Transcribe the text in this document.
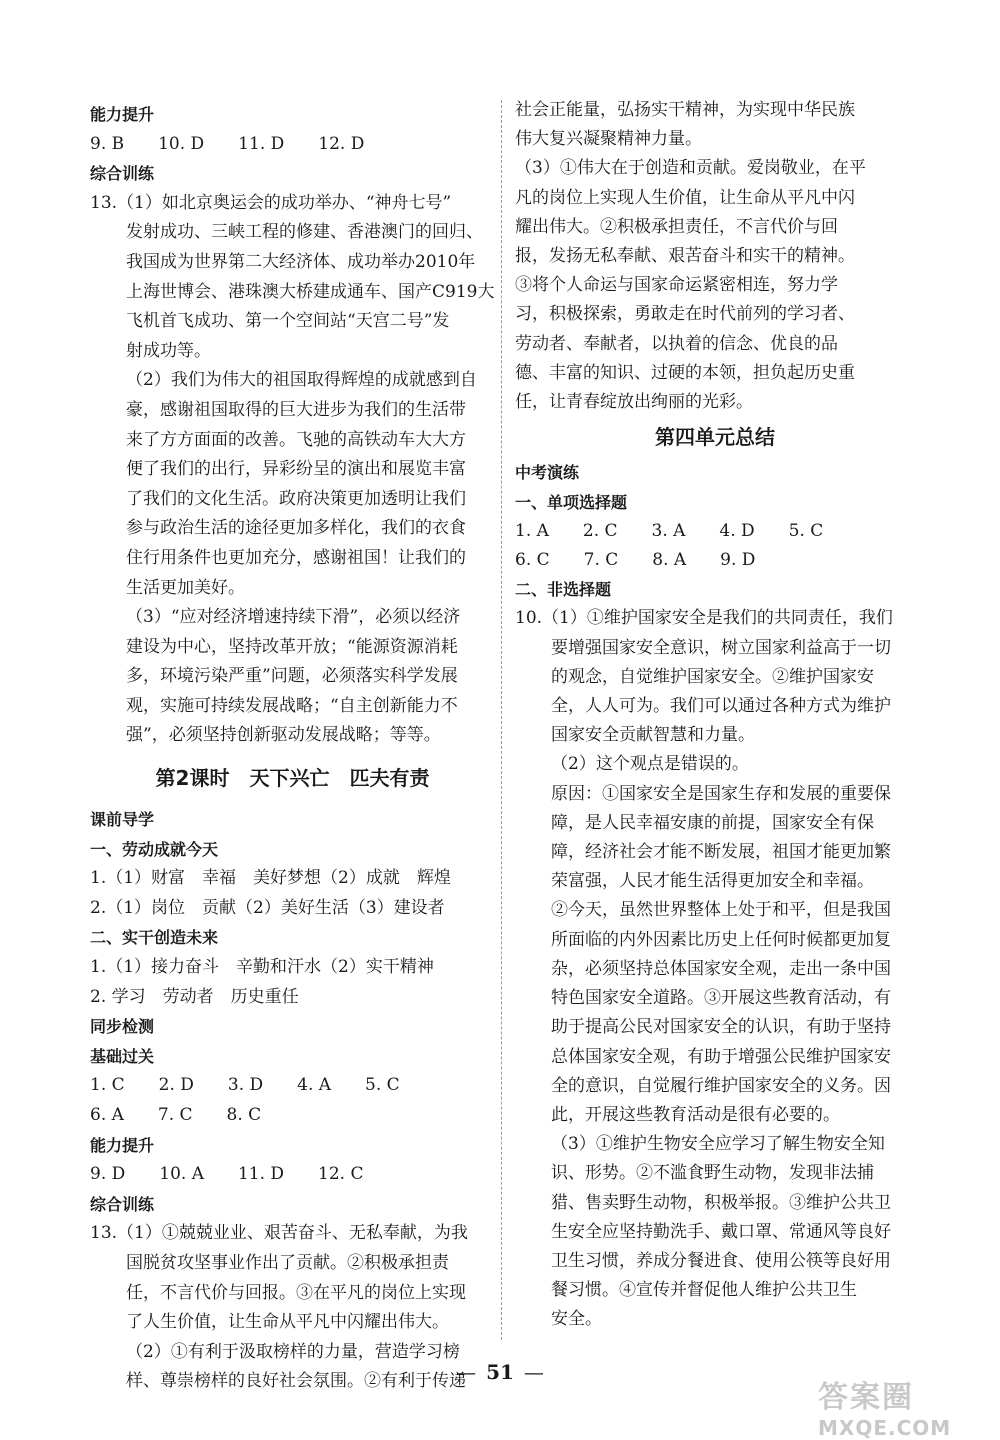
能力提升
9. B　　10. D　　11. D　　12. D
综合训练
13.（1）如北京奥运会的成功举办、“神舟七号”
发射成功、三峡工程的修建、香港澳门的回归、
我国成为世界第二大经济体、成功举办2010年
上海世博会、港珠澳大桥建成通车、国产C919大
飞机首飞成功、第一个空间站“天宫二号”发
射成功等。
（2）我们为伟大的祖国取得辉煌的成就感到自
豪，感谢祖国取得的巨大进步为我们的生活带
来了方方面面的改善。飞驰的高铁动车大大方
便了我们的出行，异彩纷呈的演出和展览丰富
了我们的文化生活。政府决策更加透明让我们
参与政治生活的途径更加多样化，我们的衣食
住行用条件也更加充分，感谢祖国！让我们的
生活更加美好。
（3）“应对经济增速持续下滑”，必须以经济
建设为中心，坚持改革开放；“能源资源消耗
多，环境污染严重”问题，必须落实科学发展
观，实施可持续发展战略；“自主创新能力不
强”，必须坚持创新驱动发展战略；等等。
第2课时　天下兴亡　匹夫有责
课前导学
一、劳动成就今天
1.（1）财富　幸福　美好梦想（2）成就　辉煌
2.（1）岗位　贡献（2）美好生活（3）建设者
二、实干创造未来
1.（1）接力奋斗　辛勤和汗水（2）实干精神
2. 学习　劳动者　历史重任
同步检测
基础过关
1. C　　2. D　　3. D　　4. A　　5. C
6. A　　7. C　　8. C
能力提升
9. D　　10. A　　11. D　　12. C
综合训练
13.（1）①兢兢业业、艰苦奋斗、无私奉献，为我
国脱贫攻坚事业作出了贡献。②积极承担责
任，不言代价与回报。③在平凡的岗位上实现
了人生价值，让生命从平凡中闪耀出伟大。
（2）①有利于汲取榜样的力量，营造学习榜
样、尊崇榜样的良好社会氛围。②有利于传递
社会正能量，弘扬实干精神，为实现中华民族
伟大复兴凝聚精神力量。
（3）①伟大在于创造和贡献。爱岗敬业，在平
凡的岗位上实现人生价值，让生命从平凡中闪
耀出伟大。②积极承担责任，不言代价与回
报，发扬无私奉献、艰苦奋斗和实干的精神。
③将个人命运与国家命运紧密相连，努力学
习，积极探索，勇敢走在时代前列的学习者、
劳动者、奉献者，以执着的信念、优良的品
德、丰富的知识、过硬的本领，担负起历史重
任，让青春绽放出绚丽的光彩。
第四单元总结
中考演练
一、单项选择题
1. A　　2. C　　3. A　　4. D　　5. C
6. C　　7. C　　8. A　　9. D
二、非选择题
10.（1）①维护国家安全是我们的共同责任，我们
要增强国家安全意识，树立国家利益高于一切
的观念，自觉维护国家安全。②维护国家安
全，人人可为。我们可以通过各种方式为维护
国家安全贡献智慧和力量。
（2）这个观点是错误的。
原因：①国家安全是国家生存和发展的重要保
障，是人民幸福安康的前提，国家安全有保
障，经济社会才能不断发展，祖国才能更加繁
荣富强，人民才能生活得更加安全和幸福。
②今天，虽然世界整体上处于和平，但是我国
所面临的内外因素比历史上任何时候都更加复
杂，必须坚持总体国家安全观，走出一条中国
特色国家安全道路。③开展这些教育活动，有
助于提高公民对国家安全的认识，有助于坚持
总体国家安全观，有助于增强公民维护国家安
全的意识，自觉履行维护国家安全的义务。因
此，开展这些教育活动是很有必要的。
（3）①维护生物安全应学习了解生物安全知
识、形势。②不滥食野生动物，发现非法捕
猎、售卖野生动物，积极举报。③维护公共卫
生安全应坚持勤洗手、戴口罩、常通风等良好
卫生习惯，养成分餐进食、使用公筷等良好用
餐习惯。④宣传并督促他人维护公共卫生
安全。
— 51 —
答案圈
MXQE.COM
